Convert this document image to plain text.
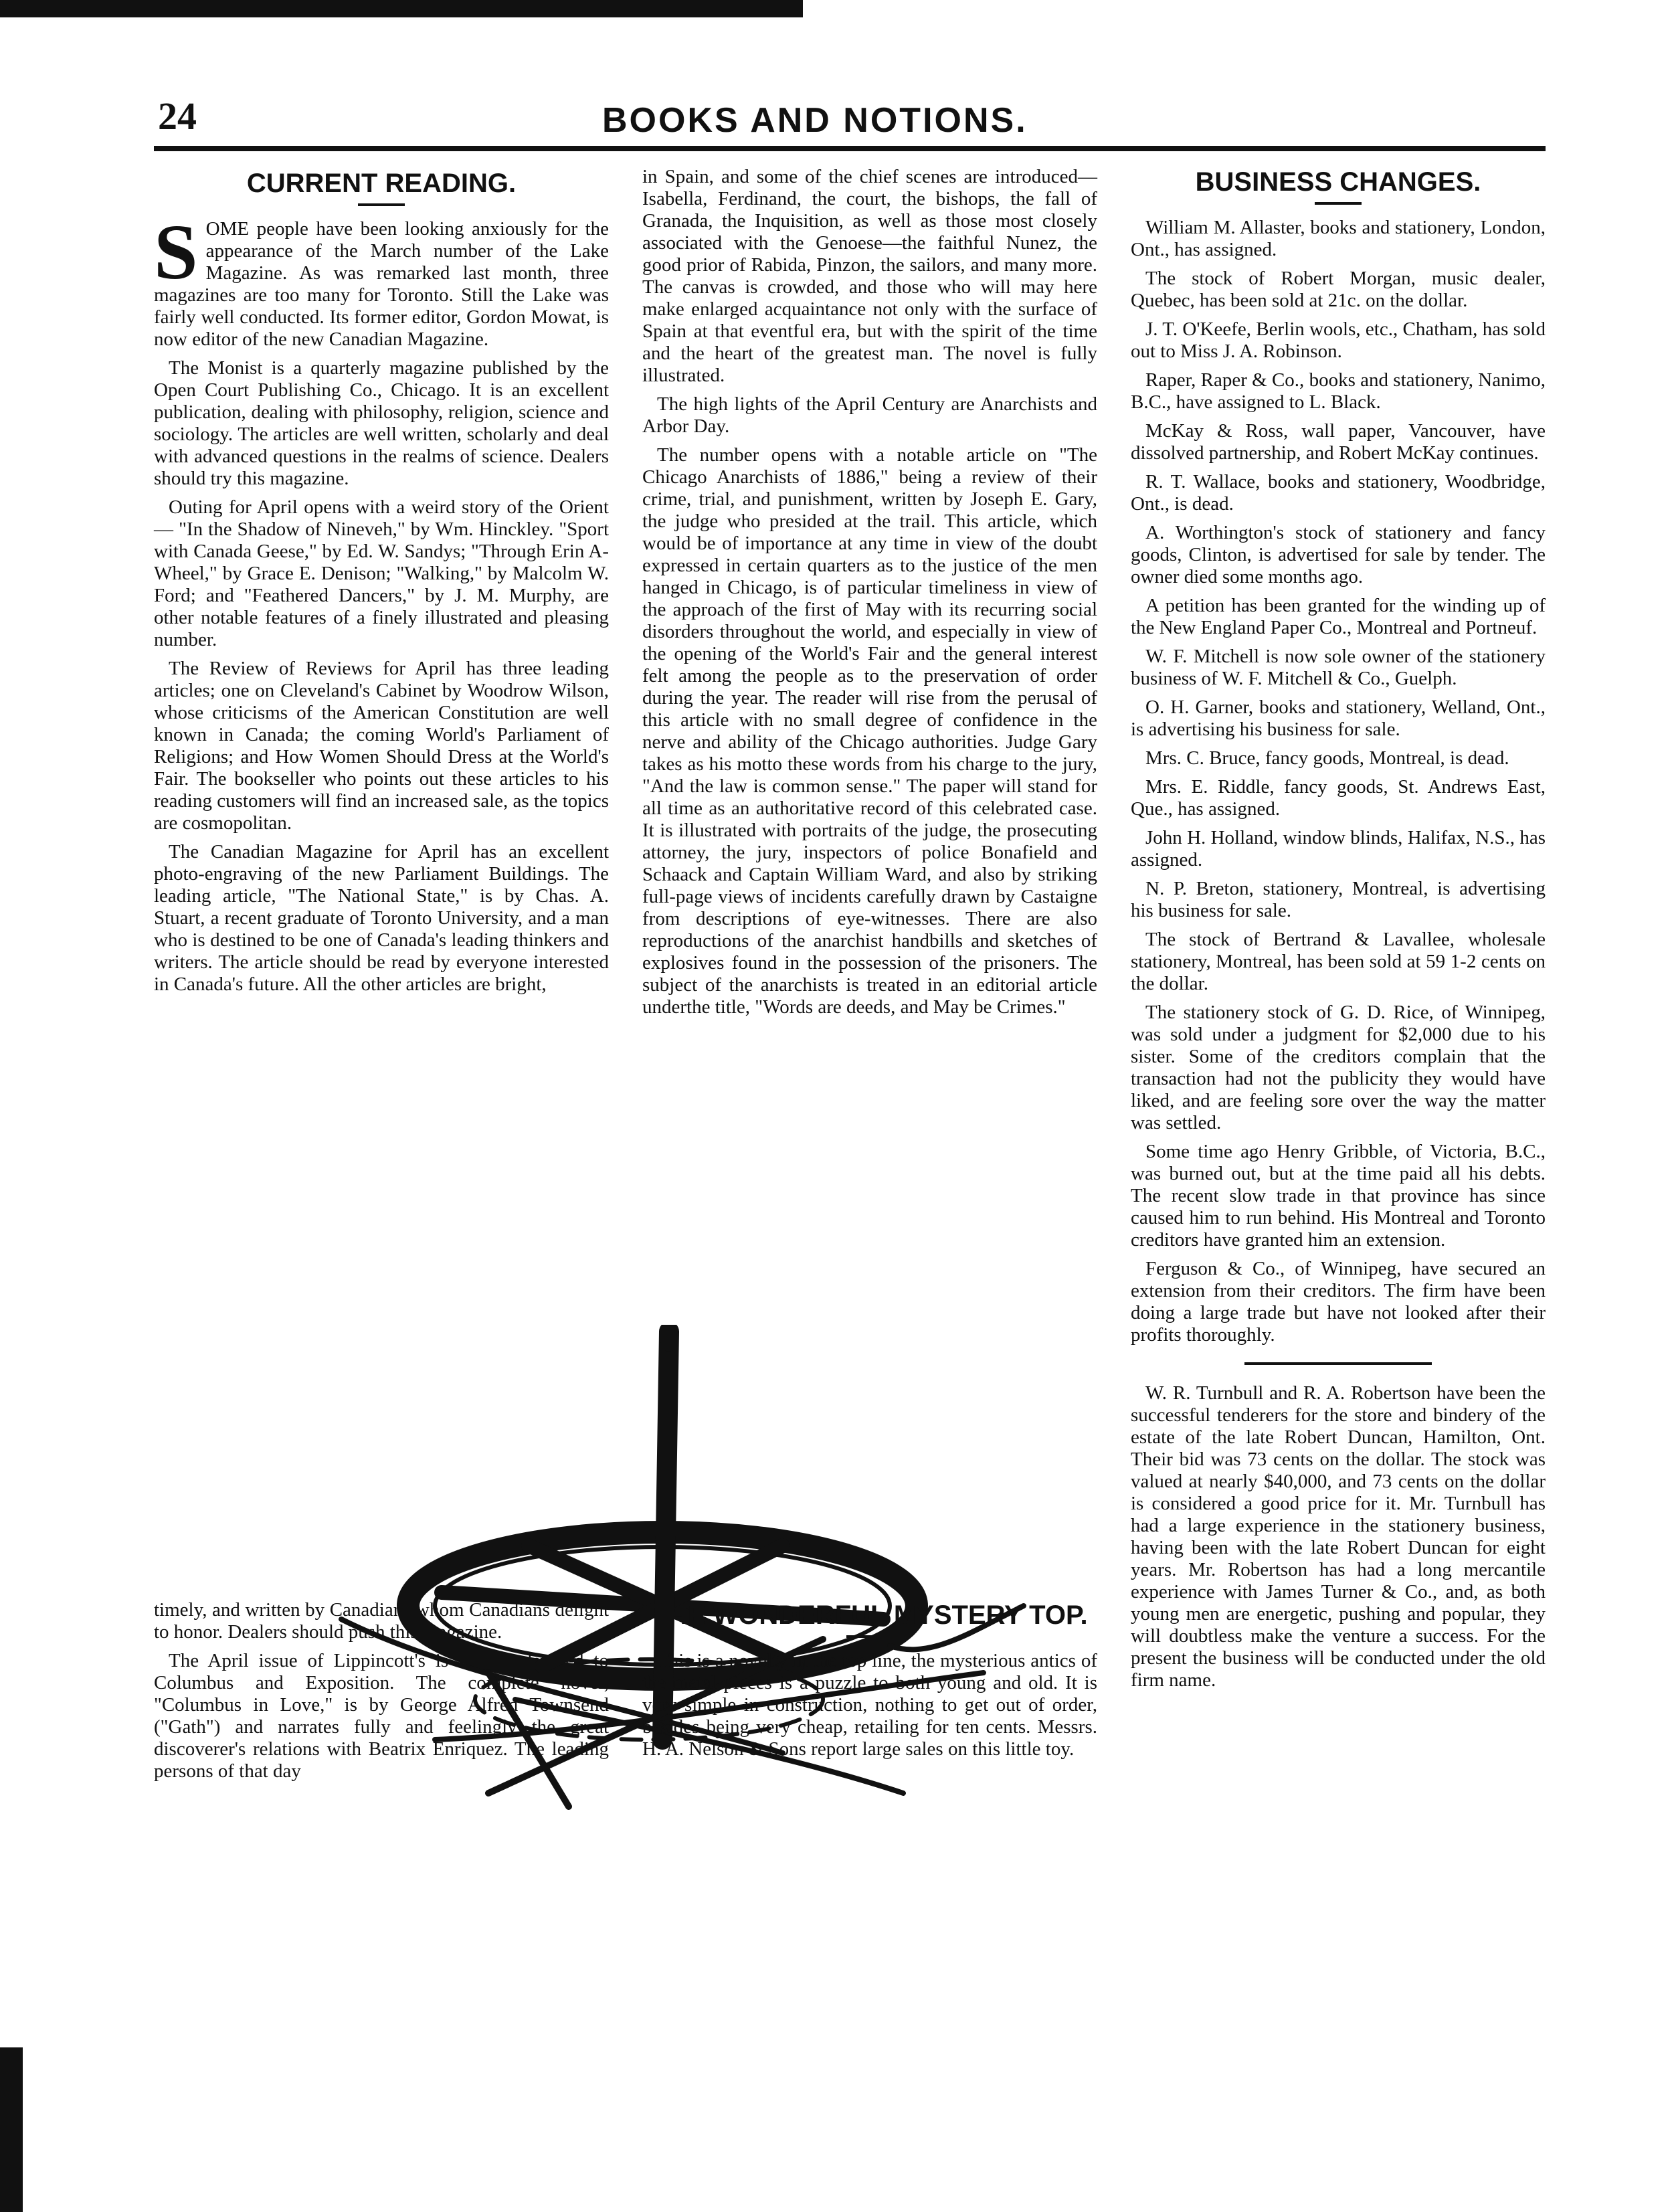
24	BOOKS AND NOTIONS.
CURRENT READING.

SOME people have been looking anxiously for the appearance of the March number of the Lake Magazine. As was remarked last month, three magazines are too many for Toronto. Still the Lake was fairly well conducted. Its former editor, Gordon Mowat, is now editor of the new Canadian Magazine.

The Monist is a quarterly magazine published by the Open Court Publishing Co., Chicago. It is an excellent publication, dealing with philosophy, religion, science and sociology. The articles are well written, scholarly and deal with advanced questions in the realms of science. Dealers should try this magazine.

Outing for April opens with a weird story of the Orient — "In the Shadow of Nineveh," by Wm. Hinckley. "Sport with Canada Geese," by Ed. W. Sandys; "Through Erin A-Wheel," by Grace E. Denison; "Walking," by Malcolm W. Ford; and "Feathered Dancers," by J. M. Murphy, are other notable features of a finely illustrated and pleasing number.

The Review of Reviews for April has three leading articles; one on Cleveland's Cabinet by Woodrow Wilson, whose criticisms of the American Constitution are well known in Canada; the coming World's Parliament of Religions; and How Women Should Dress at the World's Fair. The bookseller who points out these articles to his reading customers will find an increased sale, as the topics are cosmopolitan.

The Canadian Magazine for April has an excellent photo-engraving of the new Parliament Buildings. The leading article, "The National State," is by Chas. A. Stuart, a recent graduate of Toronto University, and a man who is destined to be one of Canada's leading thinkers and writers. The article should be read by everyone interested in Canada's future. All the other articles are bright,

timely, and written by Canadians whom Canadians delight to honor. Dealers should push this magazine.

The April issue of Lippincott's is mainly devoted to Columbus and Exposition. The complete novel, "Columbus in Love," is by George Alfred Townsend ("Gath") and narrates fully and feelingly the great discoverer's relations with Beatrix Enriquez. The leading persons of that day

in Spain, and some of the chief scenes are introduced—Isabella, Ferdinand, the court, the bishops, the fall of Granada, the Inquisition, as well as those most closely associated with the Genoese—the faithful Nunez, the good prior of Rabida, Pinzon, the sailors, and many more. The canvas is crowded, and those who will may here make enlarged acquaintance not only with the surface of Spain at that eventful era, but with the spirit of the time and the heart of the greatest man. The novel is fully illustrated.

The high lights of the April Century are Anarchists and Arbor Day.

The number opens with a notable article on "The Chicago Anarchists of 1886," being a review of their crime, trial, and punishment, written by Joseph E. Gary, the judge who presided at the trail. This article, which would be of importance at any time in view of the doubt expressed in certain quarters as to the justice of the men hanged in Chicago, is of particular timeliness in view of the approach of the first of May with its recurring social disorders throughout the world, and especially in view of the opening of the World's Fair and the general interest felt among the people as to the preservation of order during the year. The reader will rise from the perusal of this article with no small degree of confidence in the nerve and ability of the Chicago authorities. Judge Gary takes as his motto these words from his charge to the jury, "And the law is common sense." The paper will stand for all time as an authoritative record of this celebrated case. It is illustrated with portraits of the judge, the prosecuting attorney, the jury, inspectors of police Bonafield and Schaack and Captain William Ward, and also by striking full-page views of incidents carefully drawn by Castaigne from descriptions of eye-witnesses. There are also reproductions of the anarchist handbills and sketches of explosives found in the possession of the prisoners. The subject of the anarchists is treated in an editorial article underthe title, "Words are deeds, and May be Crimes."

THE WONDERFUL MYSTERY TOP.

This is a novelty in the top line, the mysterious antics of the metal pieces is a puzzle to both young and old. It is very simple in construction, nothing to get out of order, besides being very cheap, retailing for ten cents. Messrs. H. A. Nelson & Sons report large sales on this little toy.

BUSINESS CHANGES.

William M. Allaster, books and stationery, London, Ont., has assigned.

The stock of Robert Morgan, music dealer, Quebec, has been sold at 21c. on the dollar.

J. T. O'Keefe, Berlin wools, etc., Chatham, has sold out to Miss J. A. Robinson.

Raper, Raper & Co., books and stationery, Nanimo, B.C., have assigned to L. Black.

McKay & Ross, wall paper, Vancouver, have dissolved partnership, and Robert McKay continues.

R. T. Wallace, books and stationery, Woodbridge, Ont., is dead.

A. Worthington's stock of stationery and fancy goods, Clinton, is advertised for sale by tender. The owner died some months ago.

A petition has been granted for the winding up of the New England Paper Co., Montreal and Portneuf.

W. F. Mitchell is now sole owner of the stationery business of W. F. Mitchell & Co., Guelph.

O. H. Garner, books and stationery, Welland, Ont., is advertising his business for sale.

Mrs. C. Bruce, fancy goods, Montreal, is dead.

Mrs. E. Riddle, fancy goods, St. Andrews East, Que., has assigned.

John H. Holland, window blinds, Halifax, N.S., has assigned.

N. P. Breton, stationery, Montreal, is advertising his business for sale.

The stock of Bertrand & Lavallee, wholesale stationery, Montreal, has been sold at 59 1-2 cents on the dollar.

The stationery stock of G. D. Rice, of Winnipeg, was sold under a judgment for $2,000 due to his sister. Some of the creditors complain that the transaction had not the publicity they would have liked, and are feeling sore over the way the matter was settled.

Some time ago Henry Gribble, of Victoria, B.C., was burned out, but at the time paid all his debts. The recent slow trade in that province has since caused him to run behind. His Montreal and Toronto creditors have granted him an extension.

Ferguson & Co., of Winnipeg, have secured an extension from their creditors. The firm have been doing a large trade but have not looked after their profits thoroughly.

W. R. Turnbull and R. A. Robertson have been the successful tenderers for the store and bindery of the estate of the late Robert Duncan, Hamilton, Ont. Their bid was 73 cents on the dollar. The stock was valued at nearly $40,000, and 73 cents on the dollar is considered a good price for it. Mr. Turnbull has had a large experience in the stationery business, having been with the late Robert Duncan for eight years. Mr. Robertson has had a long mercantile experience with James Turner & Co., and, as both young men are energetic, pushing and popular, they will doubtless make the venture a success. For the present the business will be conducted under the old firm name.
